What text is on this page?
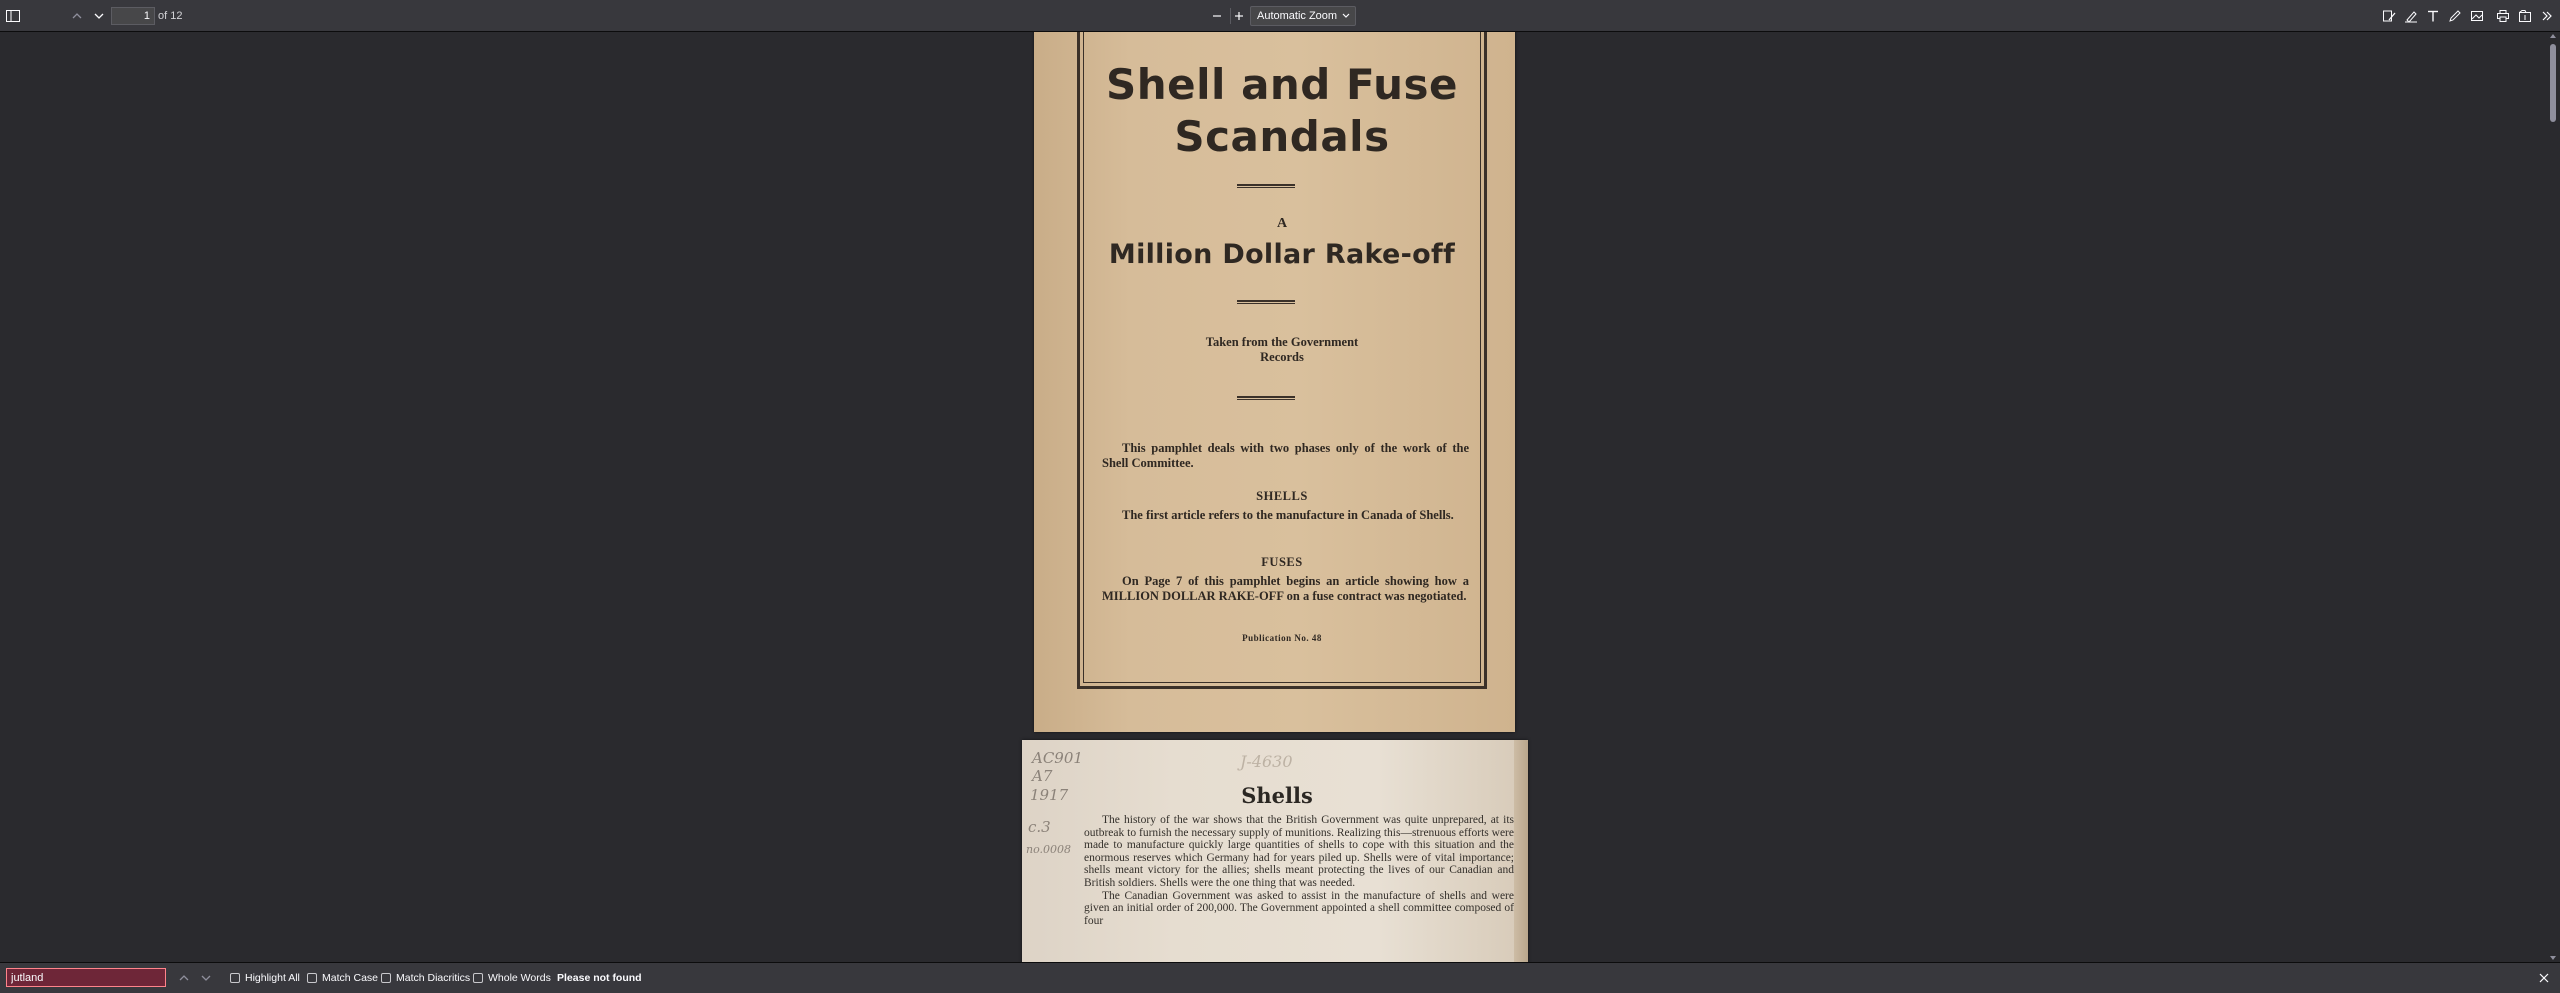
1
of 12	Automatic Zoom
Shell and Fuse
Scandals
A
Million Dollar Rake-off
Taken from the Government
Records
This pamphlet deals with two phases only of the work of the Shell Committee.
SHELLS
The first article refers to the manufacture in Canada of Shells.
FUSES
On Page 7 of this pamphlet begins an article showing how a MILLION DOLLAR RAKE-OFF on a fuse contract was negotiated.
Publication No. 48
AC901
A7
1917
c.3
no.0008
J-4630
Shells

The history of the war shows that the British Government was quite unprepared, at its outbreak to furnish the necessary supply of munitions. Realizing this—strenuous efforts were made to manufacture quickly large quantities of shells to cope with this situation and the enormous reserves which Germany had for years piled up. Shells were of vital importance; shells meant victory for the allies; shells meant protecting the lives of our Canadian and British soldiers. Shells were the one thing that was needed.

The Canadian Government was asked to assist in the manufacture of shells and were given an initial order of 200,000. The Government appointed a shell committee composed of four

jutland
Highlight All Match Case Match Diacritics Whole Words Please not found
